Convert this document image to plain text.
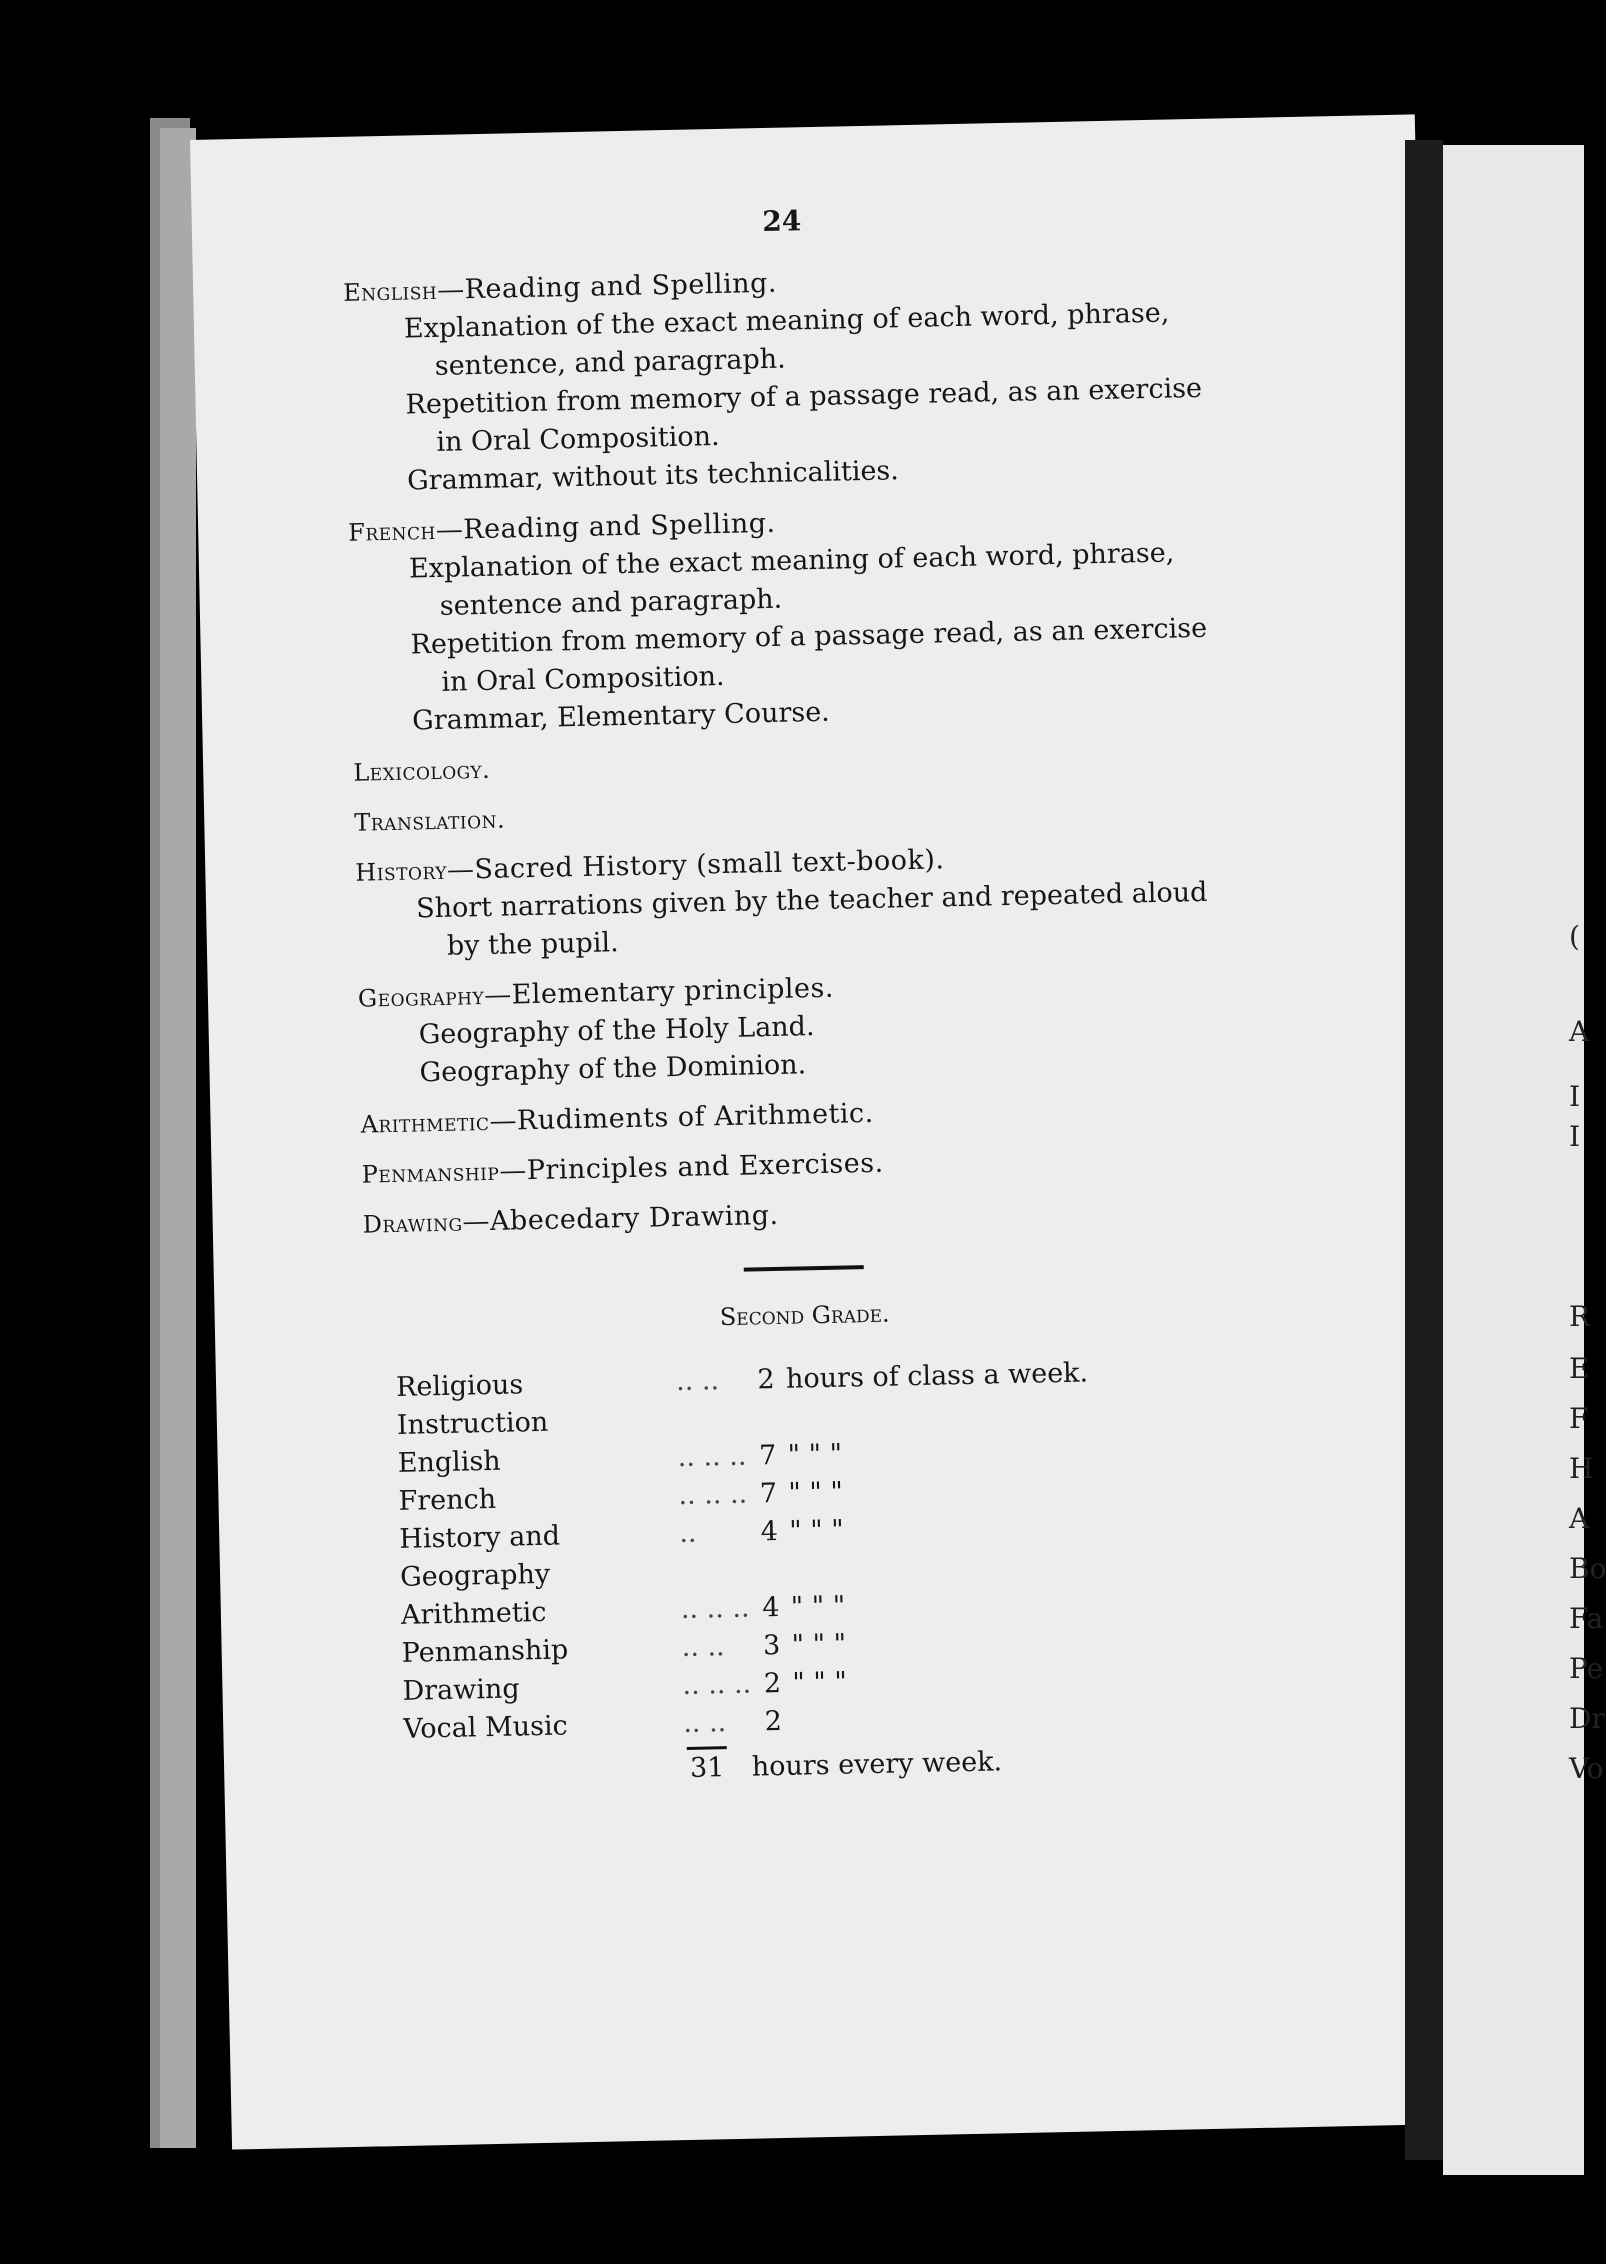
24
English—Reading and Spelling.
Explanation of the exact meaning of each word, phrase,
sentence, and paragraph.
Repetition from memory of a passage read, as an exercise
in Oral Composition.
Grammar, without its technicalities.
French—Reading and Spelling.
Explanation of the exact meaning of each word, phrase,
sentence and paragraph.
Repetition from memory of a passage read, as an exercise
in Oral Composition.
Grammar, Elementary Course.
Lexicology.
Translation.
History—Sacred History (small text-book).
Short narrations given by the teacher and repeated aloud
by the pupil.
Geography—Elementary principles.
Geography of the Holy Land.
Geography of the Dominion.
Arithmetic—Rudiments of Arithmetic.
Penmanship—Principles and Exercises.
Drawing—Abecedary Drawing.
Second Grade.
Religious Instruction	.. ..	2	hours of class a week.
English	.. .. ..	7	" " "
French	.. .. ..	7	" " "
History and Geography	..	4	" " "
Arithmetic	.. .. ..	4	" " "
Penmanship	.. ..	3	" " "
Drawing	.. .. ..	2	" " "
Vocal Music	.. ..	2	
31 hours every week.
(
A
I
I
R
E
F
H
A
Bo
Fa
Pe
Dr
Vo
